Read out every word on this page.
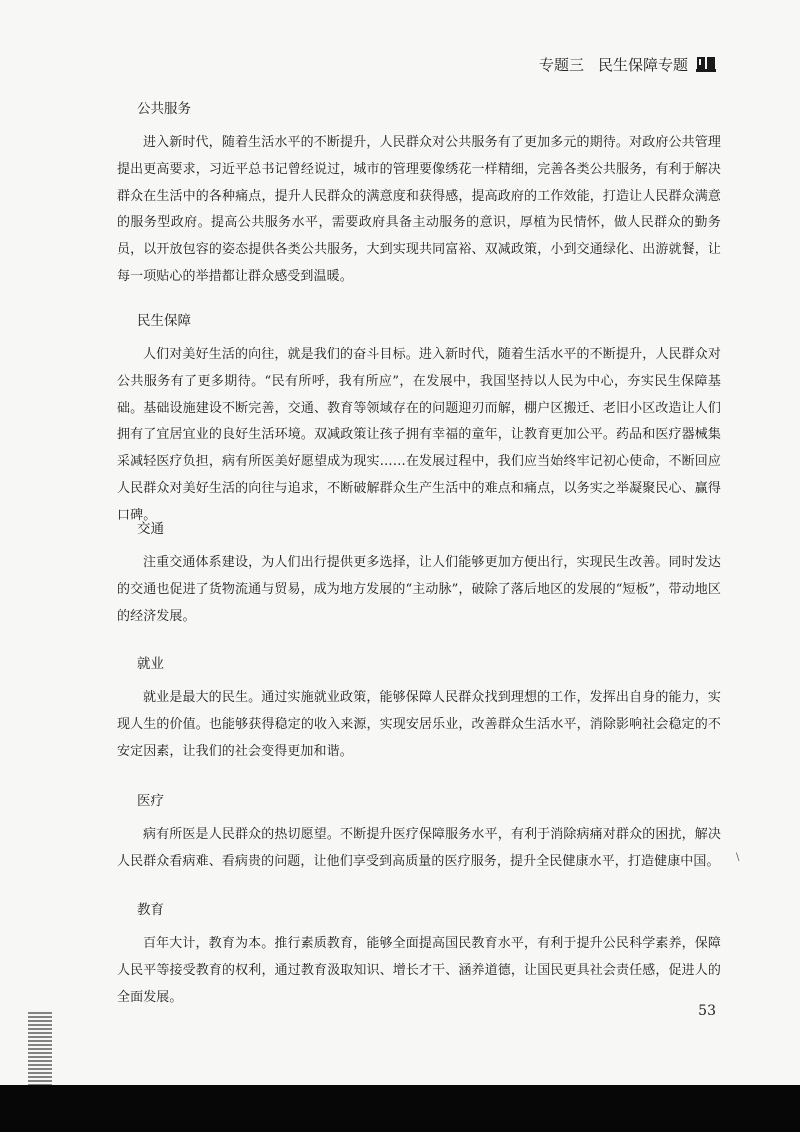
专题三 民生保障专题
公共服务
进入新时代，随着生活水平的不断提升，人民群众对公共服务有了更加多元的期待。对政府公共管理提出更高要求，习近平总书记曾经说过，城市的管理要像绣花一样精细，完善各类公共服务，有利于解决群众在生活中的各种痛点，提升人民群众的满意度和获得感，提高政府的工作效能，打造让人民群众满意的服务型政府。提高公共服务水平，需要政府具备主动服务的意识，厚植为民情怀，做人民群众的勤务员，以开放包容的姿态提供各类公共服务，大到实现共同富裕、双减政策，小到交通绿化、出游就餐，让每一项贴心的举措都让群众感受到温暖。
民生保障
人们对美好生活的向往，就是我们的奋斗目标。进入新时代，随着生活水平的不断提升，人民群众对公共服务有了更多期待。“民有所呼，我有所应”，在发展中，我国坚持以人民为中心，夯实民生保障基础。基础设施建设不断完善，交通、教育等领域存在的问题迎刃而解，棚户区搬迁、老旧小区改造让人们拥有了宜居宜业的良好生活环境。双减政策让孩子拥有幸福的童年，让教育更加公平。药品和医疗器械集采减轻医疗负担，病有所医美好愿望成为现实……在发展过程中，我们应当始终牢记初心使命，不断回应人民群众对美好生活的向往与追求，不断破解群众生产生活中的难点和痛点，以务实之举凝聚民心、赢得口碑。
交通
注重交通体系建设，为人们出行提供更多选择，让人们能够更加方便出行，实现民生改善。同时发达的交通也促进了货物流通与贸易，成为地方发展的“主动脉”，破除了落后地区的发展的“短板”，带动地区的经济发展。
就业
就业是最大的民生。通过实施就业政策，能够保障人民群众找到理想的工作，发挥出自身的能力，实现人生的价值。也能够获得稳定的收入来源，实现安居乐业，改善群众生活水平，消除影响社会稳定的不安定因素，让我们的社会变得更加和谐。
医疗
病有所医是人民群众的热切愿望。不断提升医疗保障服务水平，有利于消除病痛对群众的困扰，解决人民群众看病难、看病贵的问题，让他们享受到高质量的医疗服务，提升全民健康水平，打造健康中国。
教育
百年大计，教育为本。推行素质教育，能够全面提高国民教育水平，有利于提升公民科学素养，保障人民平等接受教育的权利，通过教育汲取知识、增长才干、涵养道德，让国民更具社会责任感，促进人的全面发展。
\
53
